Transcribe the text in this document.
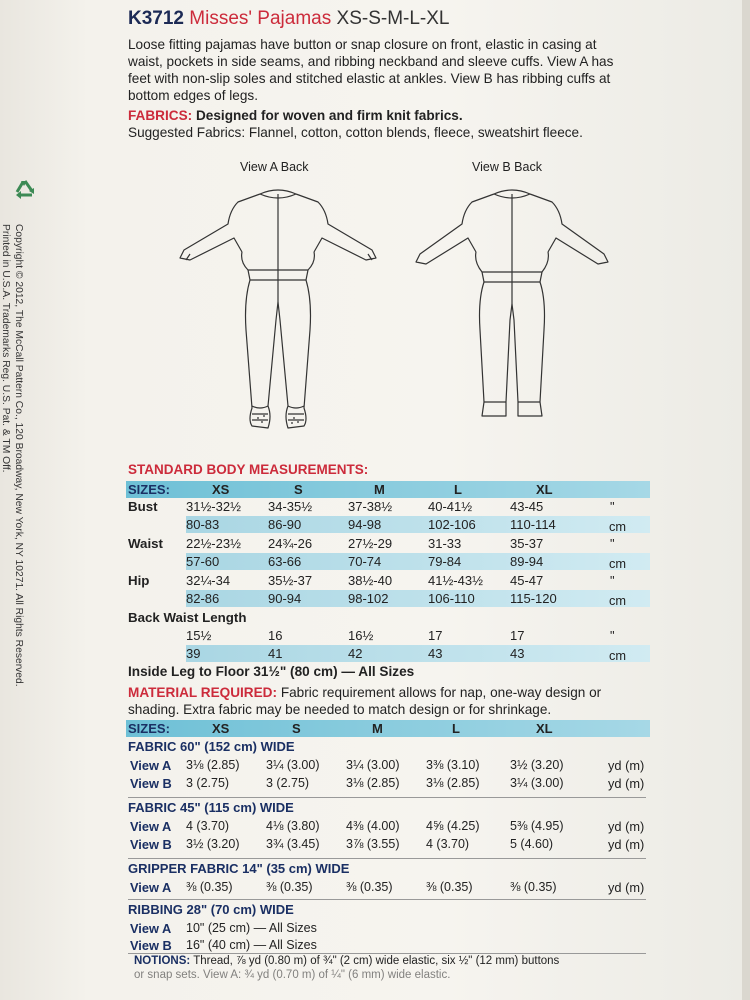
Copyright © 2012, The McCall Pattern Co., 120 Broadway, New York, NY 10271. All Rights Reserved.
Printed in U.S.A. Trademarks Reg. U.S. Pat. & TM Off.
K3712 Misses' Pajamas XS-S-M-L-XL
Loose fitting pajamas have button or snap closure on front, elastic in casing at
waist, pockets in side seams, and ribbing neckband and sleeve cuffs. View A has
feet with non-slip soles and stitched elastic at ankles. View B has ribbing cuffs at
bottom edges of legs.
FABRICS: Designed for woven and firm knit fabrics.
Suggested Fabrics: Flannel, cotton, cotton blends, fleece, sweatshirt fleece.
View A Back	View B Back
STANDARD BODY MEASUREMENTS:
SIZES:	XS	S	M	L	XL
Bust 31½-32½ 34-35½	37-38½	40-41½	43-45	"
80-83	86-90	94-98	102-106	110-114	cm
Waist 22½-23½ 24¾-26	27½-29	31-33	35-37	"
57-60	63-66	70-74	79-84	89-94	cm
Hip	32¼-34	35½-37	38½-40	41½-43½ 45-47	"
82-86	90-94	98-102	106-110	115-120	cm
Back Waist Length
15½	16	16½	17	17	"
39	41	42	43	43	cm
Inside Leg to Floor 31½" (80 cm) — All Sizes
MATERIAL REQUIRED: Fabric requirement allows for nap, one-way design or shading. Extra fabric may be needed to match design or for shrinkage.
SIZES:	XS	S	M	L	XL
FABRIC 60" (152 cm) WIDE
View A 3⅛ (2.85) 3¼ (3.00) 3¼ (3.00) 3⅜ (3.10) 3½ (3.20)	yd (m)
View B 3 (2.75)	3 (2.75)	3⅛ (2.85) 3⅛ (2.85) 3¼ (3.00)	yd (m)
FABRIC 45" (115 cm) WIDE
View A 4 (3.70)	4⅛ (3.80) 4⅜ (4.00) 4⅝ (4.25) 5⅜ (4.95)	yd (m)
View B 3½ (3.20) 3¾ (3.45) 3⅞ (3.55) 4 (3.70)	5 (4.60)	yd (m)
GRIPPER FABRIC 14" (35 cm) WIDE
View A ⅜ (0.35)	⅜ (0.35)	⅜ (0.35)	⅜ (0.35)	⅜ (0.35)	yd (m)
RIBBING 28" (70 cm) WIDE
View A 10" (25 cm) — All Sizes
View B 16" (40 cm) — All Sizes
NOTIONS: Thread, ⅞ yd (0.80 m) of ¾" (2 cm) wide elastic, six ½" (12 mm) buttons
or snap sets. View A: ¾ yd (0.70 m) of ¼" (6 mm) wide elastic.
